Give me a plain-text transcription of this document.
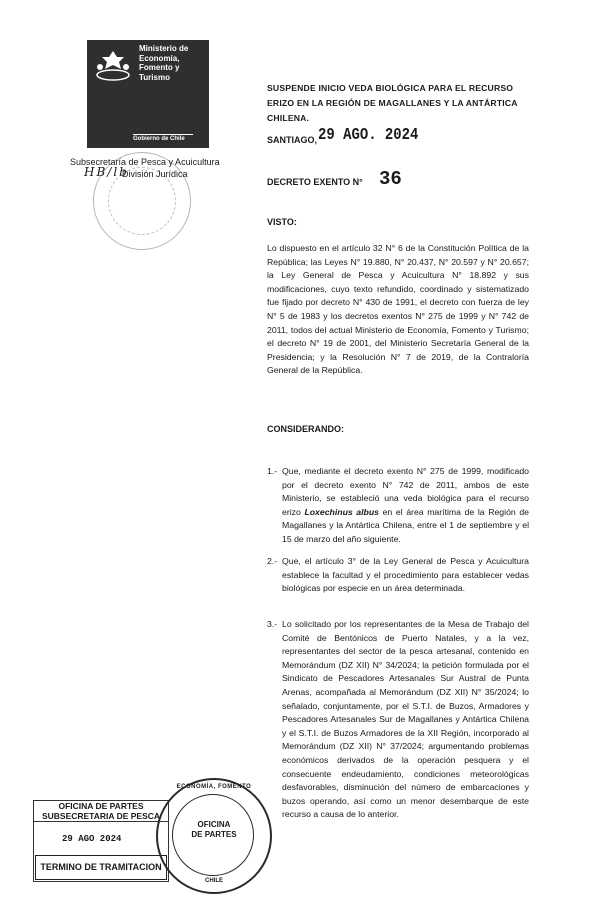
Ministerio de
Economía,
Fomento y
Turismo
Gobierno de Chile
Subsecretaría de Pesca y Acuicultura
División Jurídica
HB/lb
SUSPENDE INICIO VEDA BIOLÓGICA PARA EL RECURSO ERIZO EN LA REGIÓN DE MAGALLANES Y LA ANTÁRTICA CHILENA.
SANTIAGO, 29 AGO. 2024
DECRETO EXENTO N° 36
VISTO:
Lo dispuesto en el artículo 32 N° 6 de la Constitución Política de la República; las Leyes N° 19.880, N° 20.437, N° 20.597 y N° 20.657; la Ley General de Pesca y Acuicultura N° 18.892 y sus modificaciones, cuyo texto refundido, coordinado y sistematizado fue fijado por decreto N° 430 de 1991, el decreto con fuerza de ley N° 5 de 1983 y los decretos exentos N° 275 de 1999 y N° 742 de 2011, todos del actual Ministerio de Economía, Fomento y Turismo; el decreto N° 19 de 2001, del Ministerio Secretaría General de la Presidencia; y la Resolución N° 7 de 2019, de la Contraloría General de la República.
CONSIDERANDO:
1.- Que, mediante el decreto exento N° 275 de 1999, modificado por el decreto exento N° 742 de 2011, ambos de este Ministerio, se estableció una veda biológica para el recurso erizo Loxechinus albus en el área marítima de la Región de Magallanes y la Antártica Chilena, entre el 1 de septiembre y el 15 de marzo del año siguiente.
2.- Que, el artículo 3° de la Ley General de Pesca y Acuicultura establece la facultad y el procedimiento para establecer vedas biológicas por especie en un área determinada.
3.- Lo solicitado por los representantes de la Mesa de Trabajo del Comité de Bentónicos de Puerto Natales, y a la vez, representantes del sector de la pesca artesanal, contenido en Memorándum (DZ XII) N° 34/2024; la petición formulada por el Sindicato de Pescadores Artesanales Sur Austral de Punta Arenas, acompañada al Memorándum (DZ XII) N° 35/2024; lo señalado, conjuntamente, por el S.T.I. de Buzos, Armadores y Pescadores Artesanales Sur de Magallanes y Antártica Chilena y el S.T.I. de Buzos Armadores de la XII Región, incorporado al Memorándum (DZ XII) N° 37/2024; argumentando problemas económicos derivados de la operación pesquera y el consecuente endeudamiento, condiciones meteorológicas desfavorables, disminución del número de embarcaciones y buzos operando, así como un menor desembarque de este recurso a causa de lo anterior.
OFICINA DE PARTES
SUBSECRETARIA DE PESCA
29 AGO 2024
TERMINO DE TRAMITACION
ECONOMÍA, FOMENTO
OFICINA
DE PARTES
CHILE
